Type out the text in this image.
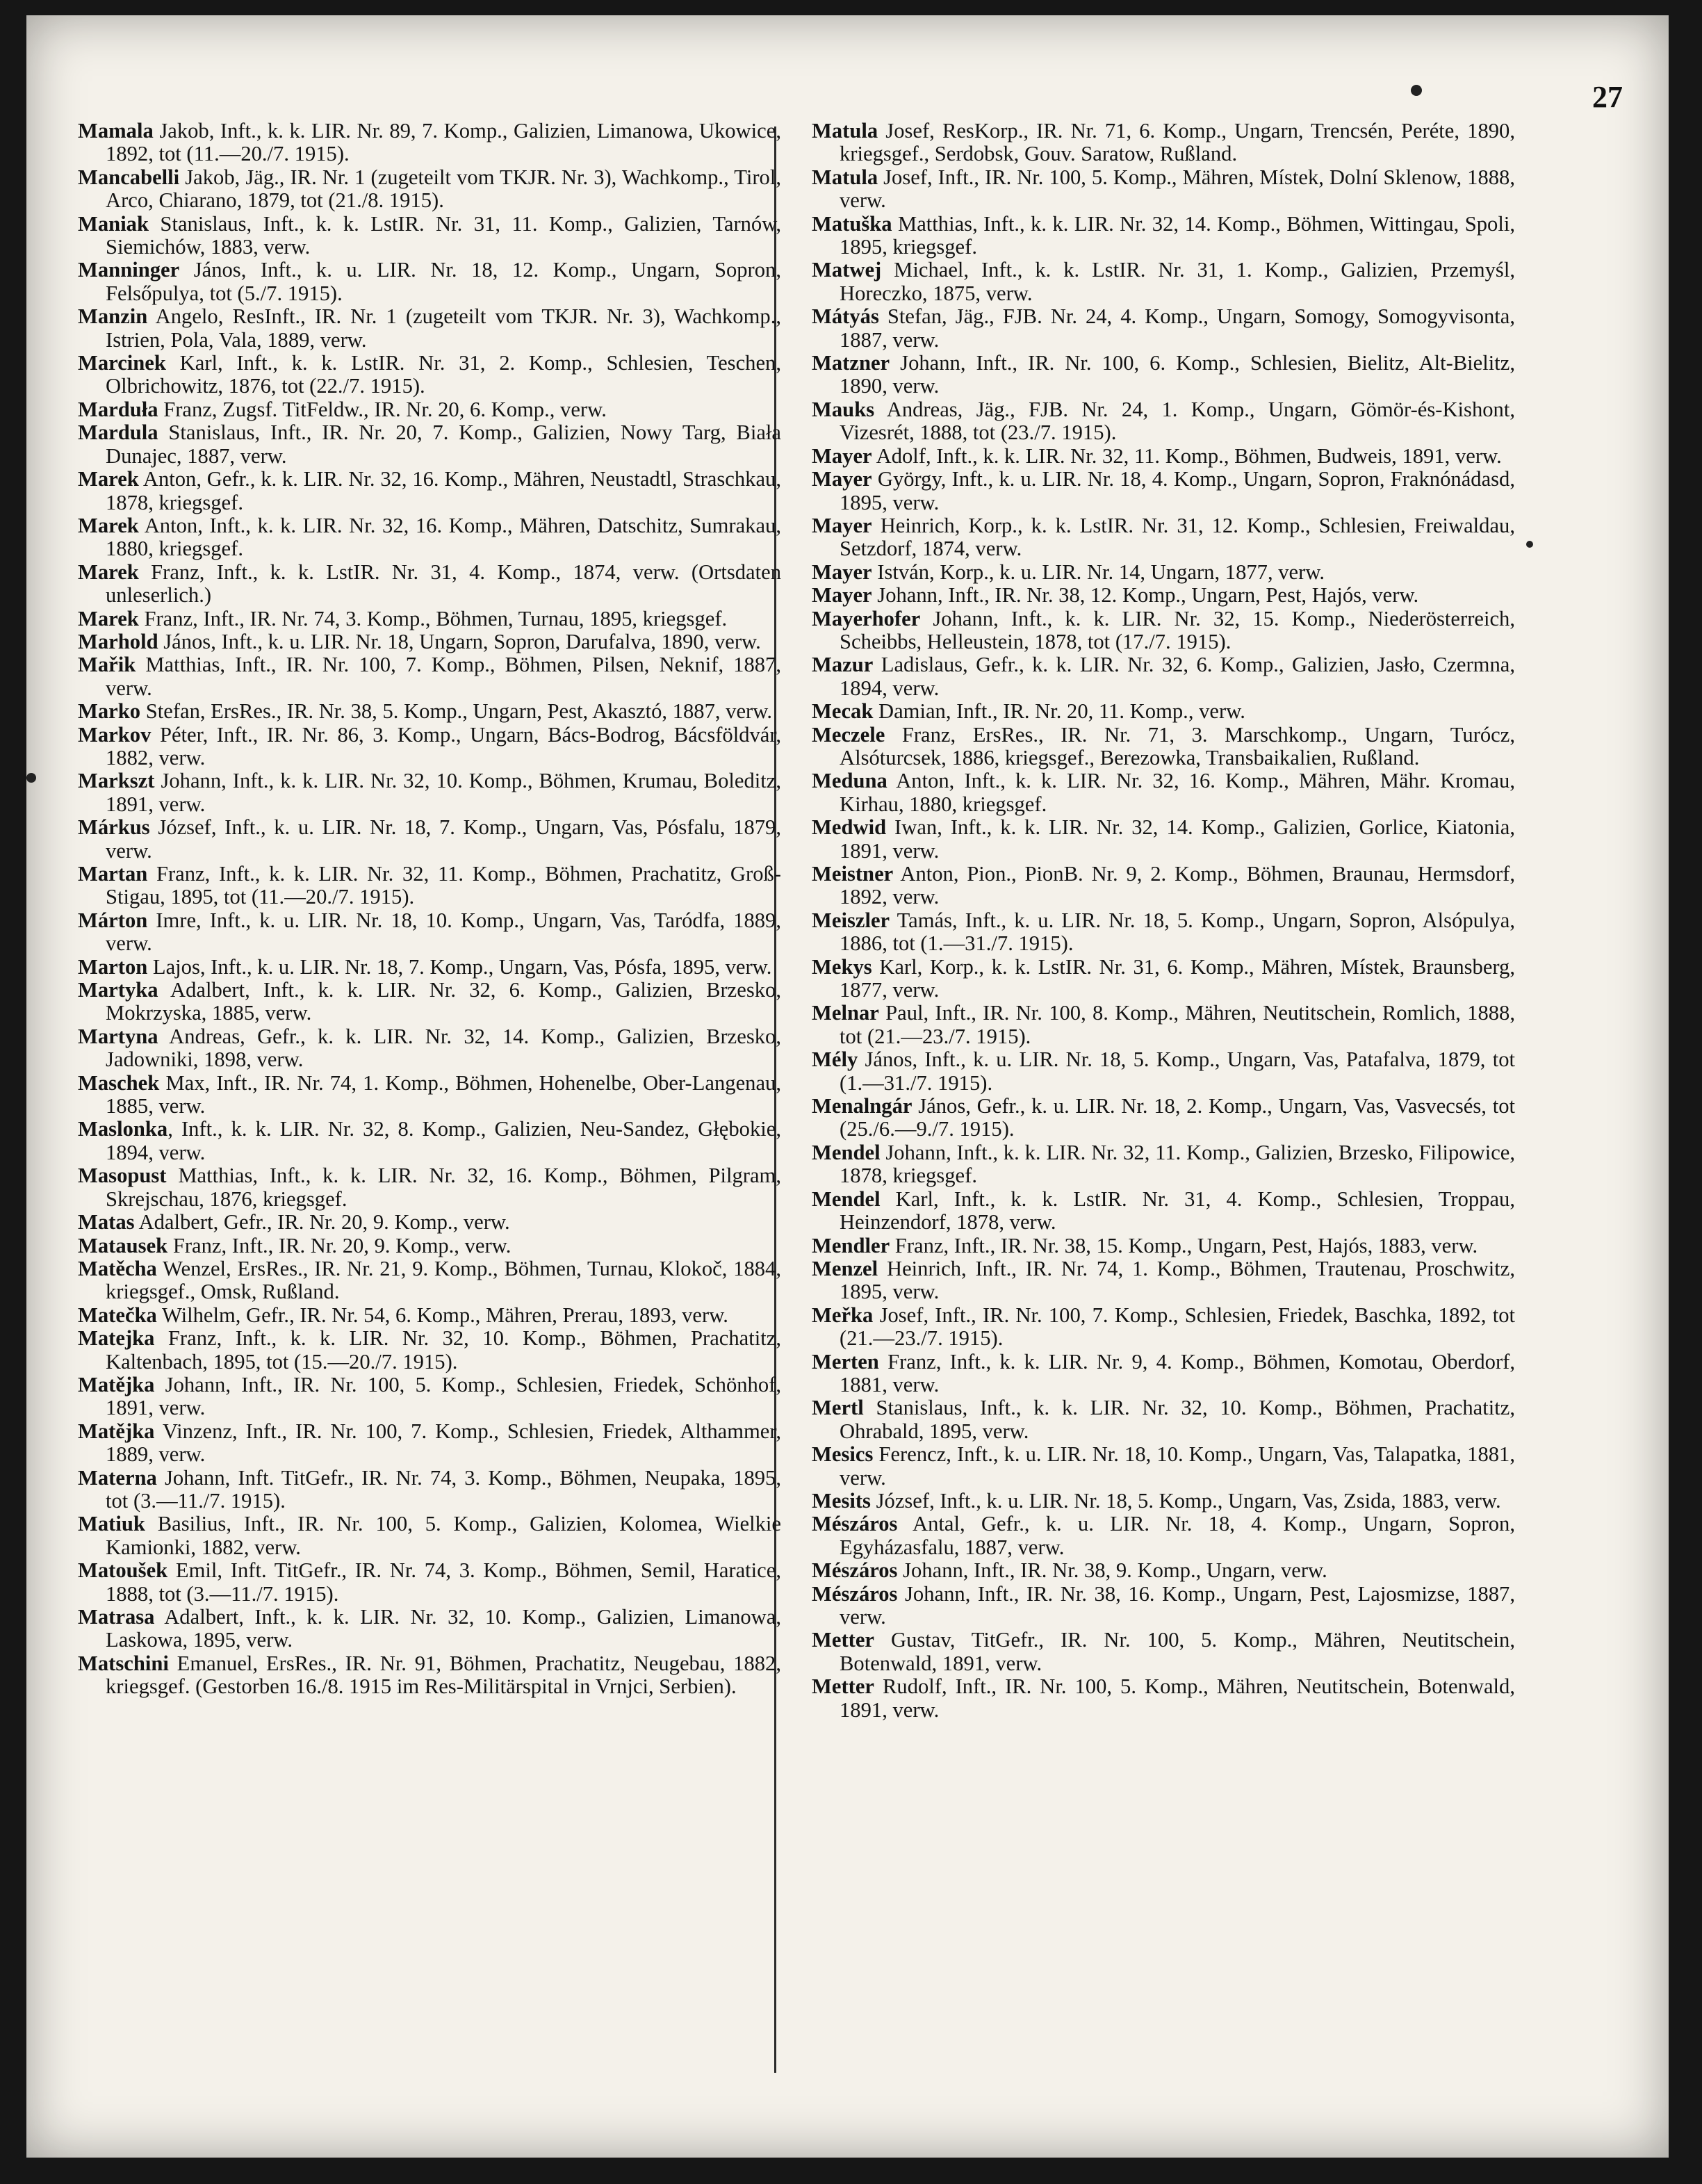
27

Mamala Jakob, Inft., k. k. LIR. Nr. 89, 7. Komp., Galizien, Limanowa, Ukowice, 1892, tot (11.—20./7. 1915).

Mancabelli Jakob, Jäg., IR. Nr. 1 (zugeteilt vom TKJR. Nr. 3), Wachkomp., Tirol, Arco, Chiarano, 1879, tot (21./8. 1915).

Maniak Stanislaus, Inft., k. k. LstIR. Nr. 31, 11. Komp., Galizien, Tarnów, Siemichów, 1883, verw.

Manninger János, Inft., k. u. LIR. Nr. 18, 12. Komp., Ungarn, Sopron, Felsőpulya, tot (5./7. 1915).

Manzin Angelo, ResInft., IR. Nr. 1 (zugeteilt vom TKJR. Nr. 3), Wachkomp., Istrien, Pola, Vala, 1889, verw.

Marcinek Karl, Inft., k. k. LstIR. Nr. 31, 2. Komp., Schlesien, Teschen, Olbrichowitz, 1876, tot (22./7. 1915).

Marduła Franz, Zugsf. TitFeldw., IR. Nr. 20, 6. Komp., verw.

Mardula Stanislaus, Inft., IR. Nr. 20, 7. Komp., Galizien, Nowy Targ, Biała Dunajec, 1887, verw.

Marek Anton, Gefr., k. k. LIR. Nr. 32, 16. Komp., Mähren, Neustadtl, Straschkau, 1878, kriegsgef.

Marek Anton, Inft., k. k. LIR. Nr. 32, 16. Komp., Mähren, Datschitz, Sumrakau, 1880, kriegsgef.

Marek Franz, Inft., k. k. LstIR. Nr. 31, 4. Komp., 1874, verw. (Ortsdaten unleserlich.)

Marek Franz, Inft., IR. Nr. 74, 3. Komp., Böhmen, Turnau, 1895, kriegsgef.

Marhold János, Inft., k. u. LIR. Nr. 18, Ungarn, Sopron, Darufalva, 1890, verw.

Mařik Matthias, Inft., IR. Nr. 100, 7. Komp., Böhmen, Pilsen, Neknif, 1887, verw.

Marko Stefan, ErsRes., IR. Nr. 38, 5. Komp., Ungarn, Pest, Akasztó, 1887, verw.

Markov Péter, Inft., IR. Nr. 86, 3. Komp., Ungarn, Bács-Bodrog, Bácsföldvár, 1882, verw.

Markszt Johann, Inft., k. k. LIR. Nr. 32, 10. Komp., Böhmen, Krumau, Boleditz, 1891, verw.

Márkus József, Inft., k. u. LIR. Nr. 18, 7. Komp., Ungarn, Vas, Pósfalu, 1879, verw.

Martan Franz, Inft., k. k. LIR. Nr. 32, 11. Komp., Böhmen, Prachatitz, Groß-Stigau, 1895, tot (11.—20./7. 1915).

Márton Imre, Inft., k. u. LIR. Nr. 18, 10. Komp., Ungarn, Vas, Taródfa, 1889, verw.

Marton Lajos, Inft., k. u. LIR. Nr. 18, 7. Komp., Ungarn, Vas, Pósfa, 1895, verw.

Martyka Adalbert, Inft., k. k. LIR. Nr. 32, 6. Komp., Galizien, Brzesko, Mokrzyska, 1885, verw.

Martyna Andreas, Gefr., k. k. LIR. Nr. 32, 14. Komp., Galizien, Brzesko, Jadowniki, 1898, verw.

Maschek Max, Inft., IR. Nr. 74, 1. Komp., Böhmen, Hohenelbe, Ober-Langenau, 1885, verw.

Maslonka, Inft., k. k. LIR. Nr. 32, 8. Komp., Galizien, Neu-Sandez, Głębokie, 1894, verw.

Masopust Matthias, Inft., k. k. LIR. Nr. 32, 16. Komp., Böhmen, Pilgram, Skrejschau, 1876, kriegsgef.

Matas Adalbert, Gefr., IR. Nr. 20, 9. Komp., verw.

Matausek Franz, Inft., IR. Nr. 20, 9. Komp., verw.

Matěcha Wenzel, ErsRes., IR. Nr. 21, 9. Komp., Böhmen, Turnau, Klokoč, 1884, kriegsgef., Omsk, Rußland.

Matečka Wilhelm, Gefr., IR. Nr. 54, 6. Komp., Mähren, Prerau, 1893, verw.

Matejka Franz, Inft., k. k. LIR. Nr. 32, 10. Komp., Böhmen, Prachatitz, Kaltenbach, 1895, tot (15.—20./7. 1915).

Matějka Johann, Inft., IR. Nr. 100, 5. Komp., Schlesien, Friedek, Schönhof, 1891, verw.

Matějka Vinzenz, Inft., IR. Nr. 100, 7. Komp., Schlesien, Friedek, Althammer, 1889, verw.

Materna Johann, Inft. TitGefr., IR. Nr. 74, 3. Komp., Böhmen, Neupaka, 1895, tot (3.—11./7. 1915).

Matiuk Basilius, Inft., IR. Nr. 100, 5. Komp., Galizien, Kolomea, Wielkie Kamionki, 1882, verw.

Matoušek Emil, Inft. TitGefr., IR. Nr. 74, 3. Komp., Böhmen, Semil, Haratice, 1888, tot (3.—11./7. 1915).

Matrasa Adalbert, Inft., k. k. LIR. Nr. 32, 10. Komp., Galizien, Limanowa, Laskowa, 1895, verw.

Matschini Emanuel, ErsRes., IR. Nr. 91, Böhmen, Prachatitz, Neugebau, 1882, kriegsgef. (Gestorben 16./8. 1915 im Res-Militärspital in Vrnjci, Serbien).

Matula Josef, ResKorp., IR. Nr. 71, 6. Komp., Ungarn, Trencsén, Peréte, 1890, kriegsgef., Serdobsk, Gouv. Saratow, Rußland.

Matula Josef, Inft., IR. Nr. 100, 5. Komp., Mähren, Místek, Dolní Sklenow, 1888, verw.

Matuška Matthias, Inft., k. k. LIR. Nr. 32, 14. Komp., Böhmen, Wittingau, Spoli, 1895, kriegsgef.

Matwej Michael, Inft., k. k. LstIR. Nr. 31, 1. Komp., Galizien, Przemyśl, Horeczko, 1875, verw.

Mátyás Stefan, Jäg., FJB. Nr. 24, 4. Komp., Ungarn, Somogy, Somogyvisonta, 1887, verw.

Matzner Johann, Inft., IR. Nr. 100, 6. Komp., Schlesien, Bielitz, Alt-Bielitz, 1890, verw.

Mauks Andreas, Jäg., FJB. Nr. 24, 1. Komp., Ungarn, Gömör-és-Kishont, Vizesrét, 1888, tot (23./7. 1915).

Mayer Adolf, Inft., k. k. LIR. Nr. 32, 11. Komp., Böhmen, Budweis, 1891, verw.

Mayer György, Inft., k. u. LIR. Nr. 18, 4. Komp., Ungarn, Sopron, Fraknónádasd, 1895, verw.

Mayer Heinrich, Korp., k. k. LstIR. Nr. 31, 12. Komp., Schlesien, Freiwaldau, Setzdorf, 1874, verw.

Mayer István, Korp., k. u. LIR. Nr. 14, Ungarn, 1877, verw.

Mayer Johann, Inft., IR. Nr. 38, 12. Komp., Ungarn, Pest, Hajós, verw.

Mayerhofer Johann, Inft., k. k. LIR. Nr. 32, 15. Komp., Niederösterreich, Scheibbs, Helleustein, 1878, tot (17./7. 1915).

Mazur Ladislaus, Gefr., k. k. LIR. Nr. 32, 6. Komp., Galizien, Jasło, Czermna, 1894, verw.

Mecak Damian, Inft., IR. Nr. 20, 11. Komp., verw.

Meczele Franz, ErsRes., IR. Nr. 71, 3. Marschkomp., Ungarn, Turócz, Alsóturcsek, 1886, kriegsgef., Berezowka, Transbaikalien, Rußland.

Meduna Anton, Inft., k. k. LIR. Nr. 32, 16. Komp., Mähren, Mähr. Kromau, Kirhau, 1880, kriegsgef.

Medwid Iwan, Inft., k. k. LIR. Nr. 32, 14. Komp., Galizien, Gorlice, Kiatonia, 1891, verw.

Meistner Anton, Pion., PionB. Nr. 9, 2. Komp., Böhmen, Braunau, Hermsdorf, 1892, verw.

Meiszler Tamás, Inft., k. u. LIR. Nr. 18, 5. Komp., Ungarn, Sopron, Alsópulya, 1886, tot (1.—31./7. 1915).

Mekys Karl, Korp., k. k. LstIR. Nr. 31, 6. Komp., Mähren, Místek, Braunsberg, 1877, verw.

Melnar Paul, Inft., IR. Nr. 100, 8. Komp., Mähren, Neutitschein, Romlich, 1888, tot (21.—23./7. 1915).

Mély János, Inft., k. u. LIR. Nr. 18, 5. Komp., Ungarn, Vas, Patafalva, 1879, tot (1.—31./7. 1915).

Menalngár János, Gefr., k. u. LIR. Nr. 18, 2. Komp., Ungarn, Vas, Vasvecsés, tot (25./6.—9./7. 1915).

Mendel Johann, Inft., k. k. LIR. Nr. 32, 11. Komp., Galizien, Brzesko, Filipowice, 1878, kriegsgef.

Mendel Karl, Inft., k. k. LstIR. Nr. 31, 4. Komp., Schlesien, Troppau, Heinzendorf, 1878, verw.

Mendler Franz, Inft., IR. Nr. 38, 15. Komp., Ungarn, Pest, Hajós, 1883, verw.

Menzel Heinrich, Inft., IR. Nr. 74, 1. Komp., Böhmen, Trautenau, Proschwitz, 1895, verw.

Meřka Josef, Inft., IR. Nr. 100, 7. Komp., Schlesien, Friedek, Baschka, 1892, tot (21.—23./7. 1915).

Merten Franz, Inft., k. k. LIR. Nr. 9, 4. Komp., Böhmen, Komotau, Oberdorf, 1881, verw.

Mertl Stanislaus, Inft., k. k. LIR. Nr. 32, 10. Komp., Böhmen, Prachatitz, Ohrabald, 1895, verw.

Mesics Ferencz, Inft., k. u. LIR. Nr. 18, 10. Komp., Ungarn, Vas, Talapatka, 1881, verw.

Mesits József, Inft., k. u. LIR. Nr. 18, 5. Komp., Ungarn, Vas, Zsida, 1883, verw.

Mészáros Antal, Gefr., k. u. LIR. Nr. 18, 4. Komp., Ungarn, Sopron, Egyházasfalu, 1887, verw.

Mészáros Johann, Inft., IR. Nr. 38, 9. Komp., Ungarn, verw.

Mészáros Johann, Inft., IR. Nr. 38, 16. Komp., Ungarn, Pest, Lajosmizse, 1887, verw.

Metter Gustav, TitGefr., IR. Nr. 100, 5. Komp., Mähren, Neutitschein, Botenwald, 1891, verw.

Metter Rudolf, Inft., IR. Nr. 100, 5. Komp., Mähren, Neutitschein, Botenwald, 1891, verw.
